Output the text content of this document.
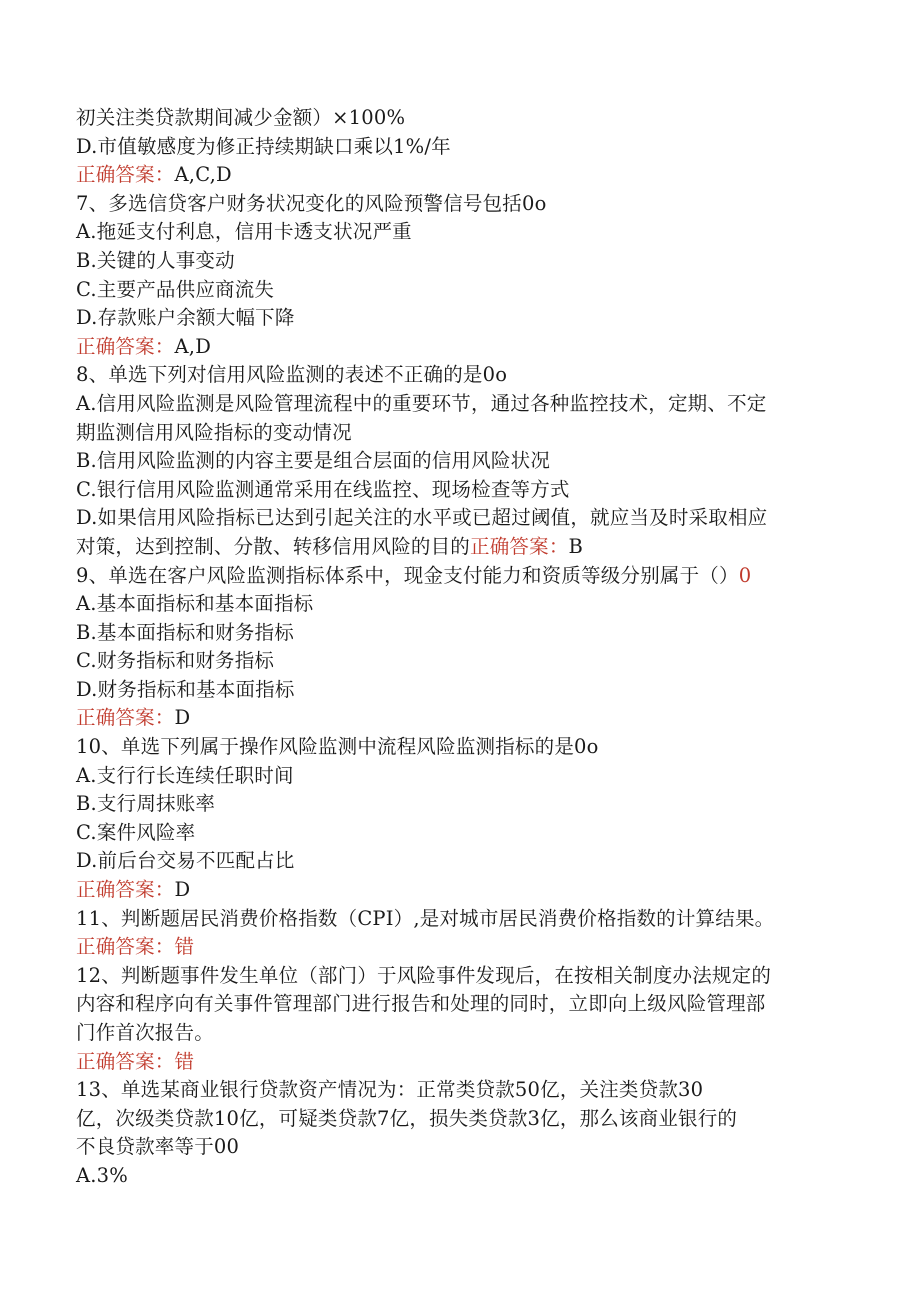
初关注类贷款期间减少金额）×100%
D.市值敏感度为修正持续期缺口乘以1%/年
正确答案：A,C,D
7、多选信贷客户财务状况变化的风险预警信号包括0o
A.拖延支付利息，信用卡透支状况严重
B.关键的人事变动
C.主要产品供应商流失
D.存款账户余额大幅下降
正确答案：A,D
8、单选下列对信用风险监测的表述不正确的是0o
A.信用风险监测是风险管理流程中的重要环节，通过各种监控技术，定期、不定
期监测信用风险指标的变动情况
B.信用风险监测的内容主要是组合层面的信用风险状况
C.银行信用风险监测通常采用在线监控、现场检查等方式
D.如果信用风险指标已达到引起关注的水平或已超过阈值，就应当及时采取相应
对策，达到控制、分散、转移信用风险的目的正确答案：B
9、单选在客户风险监测指标体系中，现金支付能力和资质等级分别属于（）0
A.基本面指标和基本面指标
B.基本面指标和财务指标
C.财务指标和财务指标
D.财务指标和基本面指标
正确答案：D
10、单选下列属于操作风险监测中流程风险监测指标的是0o
A.支行行长连续任职时间
B.支行周抹账率
C.案件风险率
D.前后台交易不匹配占比
正确答案：D
11、判断题居民消费价格指数（CPI）,是对城市居民消费价格指数的计算结果。
正确答案：错
12、判断题事件发生单位（部门）于风险事件发现后，在按相关制度办法规定的
内容和程序向有关事件管理部门进行报告和处理的同时，立即向上级风险管理部
门作首次报告。
正确答案：错
13、单选某商业银行贷款资产情况为：正常类贷款50亿，关注类贷款30
亿，次级类贷款10亿，可疑类贷款7亿，损失类贷款3亿，那么该商业银行的
不良贷款率等于00
A.3%
